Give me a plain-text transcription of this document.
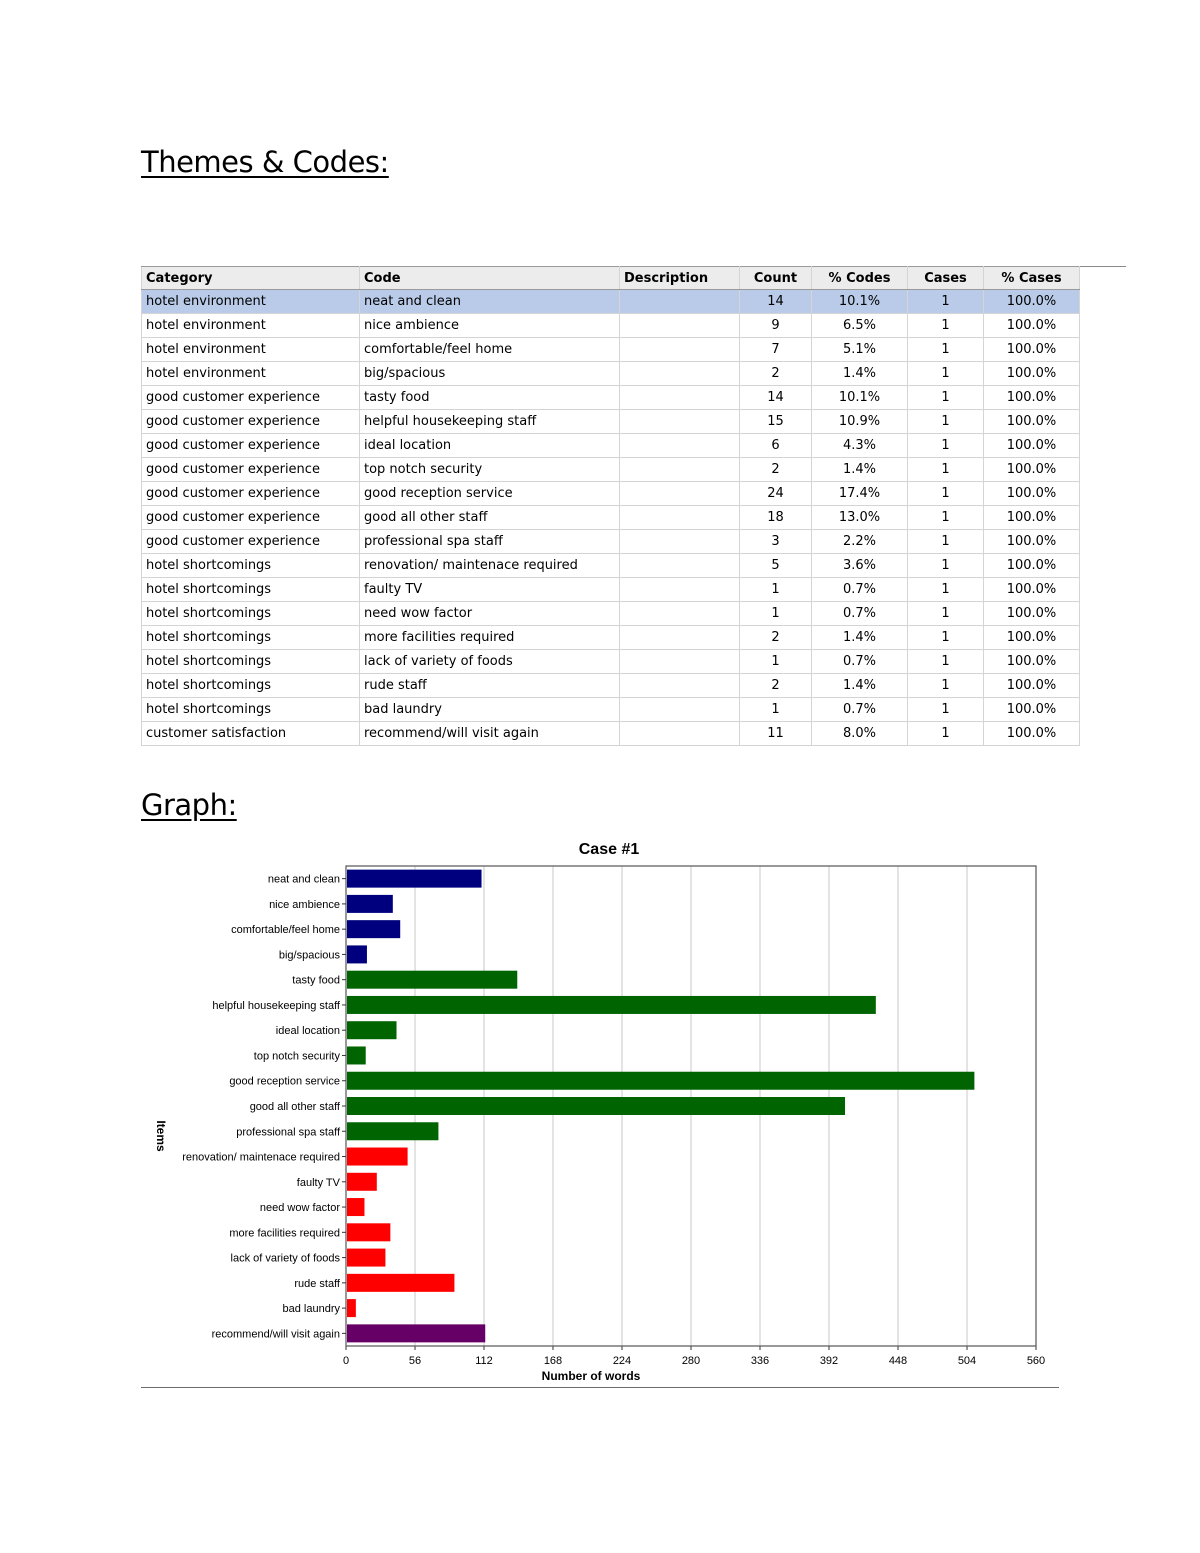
Themes & Codes:
Category	Code	Description	Count	% Codes	Cases	% Cases
hotel environment	neat and clean		14	10.1%	1	100.0%
hotel environment	nice ambience		9	6.5%	1	100.0%
hotel environment	comfortable/feel home		7	5.1%	1	100.0%
hotel environment	big/spacious		2	1.4%	1	100.0%
good customer experience	tasty food		14	10.1%	1	100.0%
good customer experience	helpful housekeeping staff		15	10.9%	1	100.0%
good customer experience	ideal location		6	4.3%	1	100.0%
good customer experience	top notch security		2	1.4%	1	100.0%
good customer experience	good reception service		24	17.4%	1	100.0%
good customer experience	good all other staff		18	13.0%	1	100.0%
good customer experience	professional spa staff		3	2.2%	1	100.0%
hotel shortcomings	renovation/ maintenace required		5	3.6%	1	100.0%
hotel shortcomings	faulty TV		1	0.7%	1	100.0%
hotel shortcomings	need wow factor		1	0.7%	1	100.0%
hotel shortcomings	more facilities required		2	1.4%	1	100.0%
hotel shortcomings	lack of variety of foods		1	0.7%	1	100.0%
hotel shortcomings	rude staff		2	1.4%	1	100.0%
hotel shortcomings	bad laundry		1	0.7%	1	100.0%
customer satisfaction	recommend/will visit again		11	8.0%	1	100.0%
Graph:
0	56	112	168	224	280	336	392	448	504	560
neat and clean
nice ambience
comfortable/feel home
big/spacious
tasty food
helpful housekeeping staff
ideal location
top notch security
good reception service
good all other staff
professional spa staff
renovation/ maintenace required
faulty TV
need wow factor
more facilities required
lack of variety of foods
rude staff
bad laundry
recommend/will visit again
Case #1
Number of words
Items
